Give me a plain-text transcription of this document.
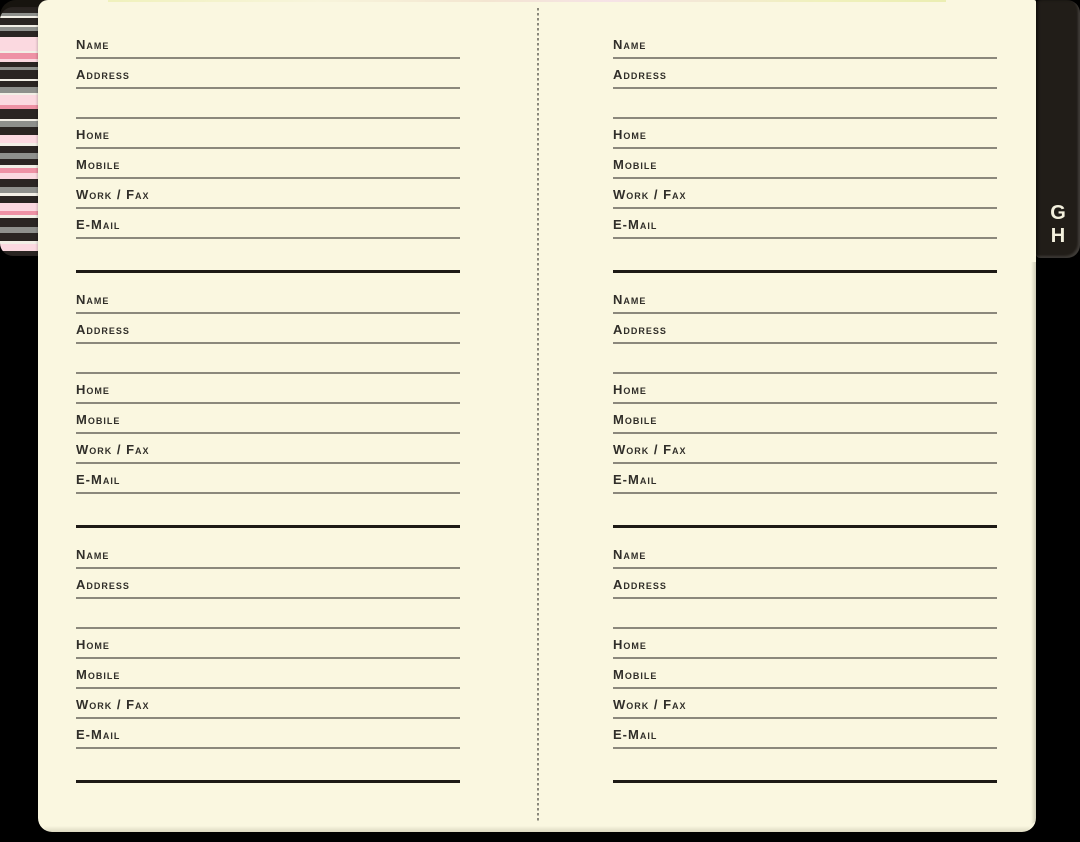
Name
Address
Home
Mobile
Work / Fax
E-Mail
Name
Address
Home
Mobile
Work / Fax
E-Mail
Name
Address
Home
Mobile
Work / Fax
E-Mail
Name
Address
Home
Mobile
Work / Fax
E-Mail
Name
Address
Home
Mobile
Work / Fax
E-Mail
Name
Address
Home
Mobile
Work / Fax
E-Mail
G
H
